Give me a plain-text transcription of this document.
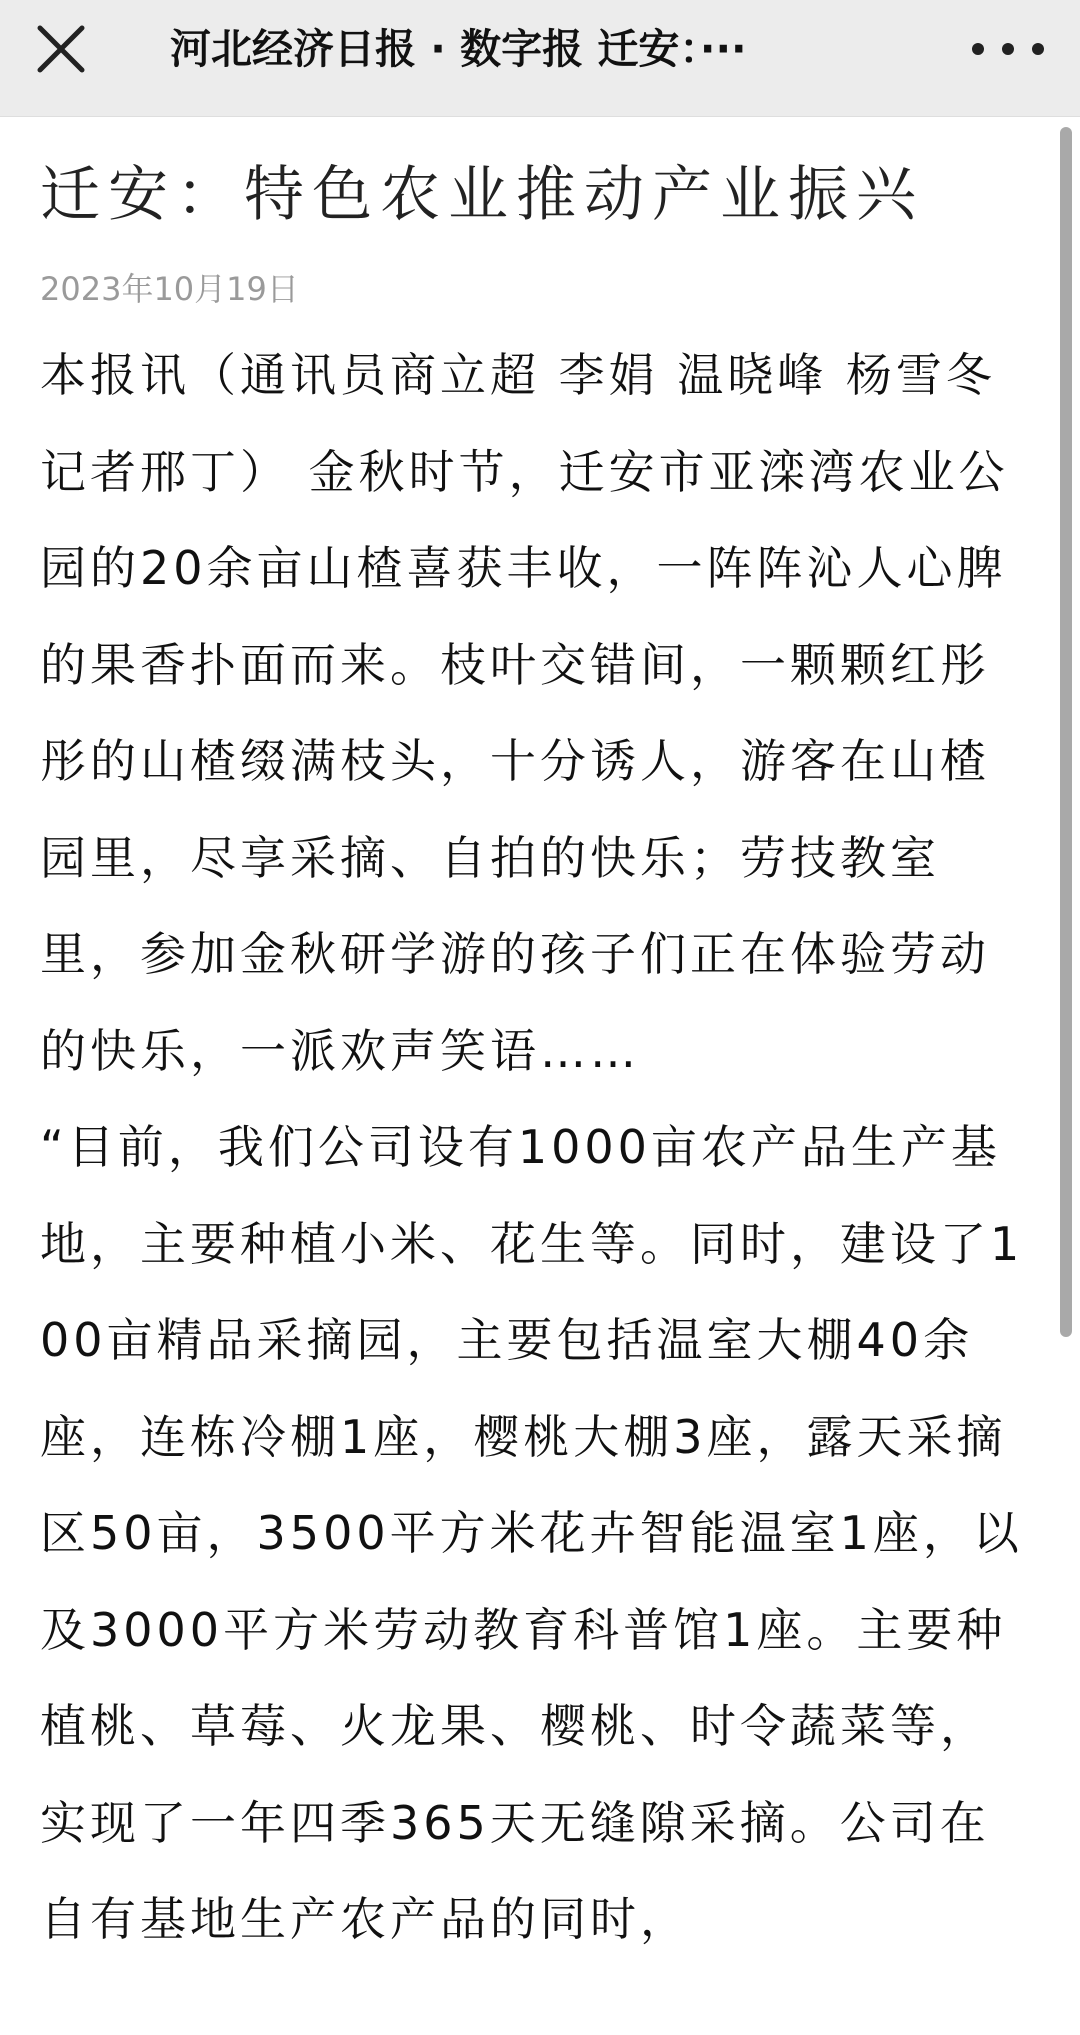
河北经济日报 · 数字报 迁安：···
迁安：特色农业推动产业振兴
2023年10月19日

本报讯（通讯员商立超 李娟 温晓峰 杨雪冬 记者邢丁） 金秋时节，迁安市亚滦湾农业公园的20余亩山楂喜获丰收，一阵阵沁人心脾的果香扑面而来。枝叶交错间，一颗颗红彤彤的山楂缀满枝头，十分诱人，游客在山楂园里，尽享采摘、自拍的快乐；劳技教室里，参加金秋研学游的孩子们正在体验劳动的快乐，一派欢声笑语……

“目前，我们公司设有1000亩农产品生产基地，主要种植小米、花生等。同时，建设了100亩精品采摘园，主要包括温室大棚40余座，连栋冷棚1座，樱桃大棚3座，露天采摘区50亩，3500平方米花卉智能温室1座，以及3000平方米劳动教育科普馆1座。主要种植桃、草莓、火龙果、樱桃、时令蔬菜等，实现了一年四季365天无缝隙采摘。公司在自有基地生产农产品的同时，
